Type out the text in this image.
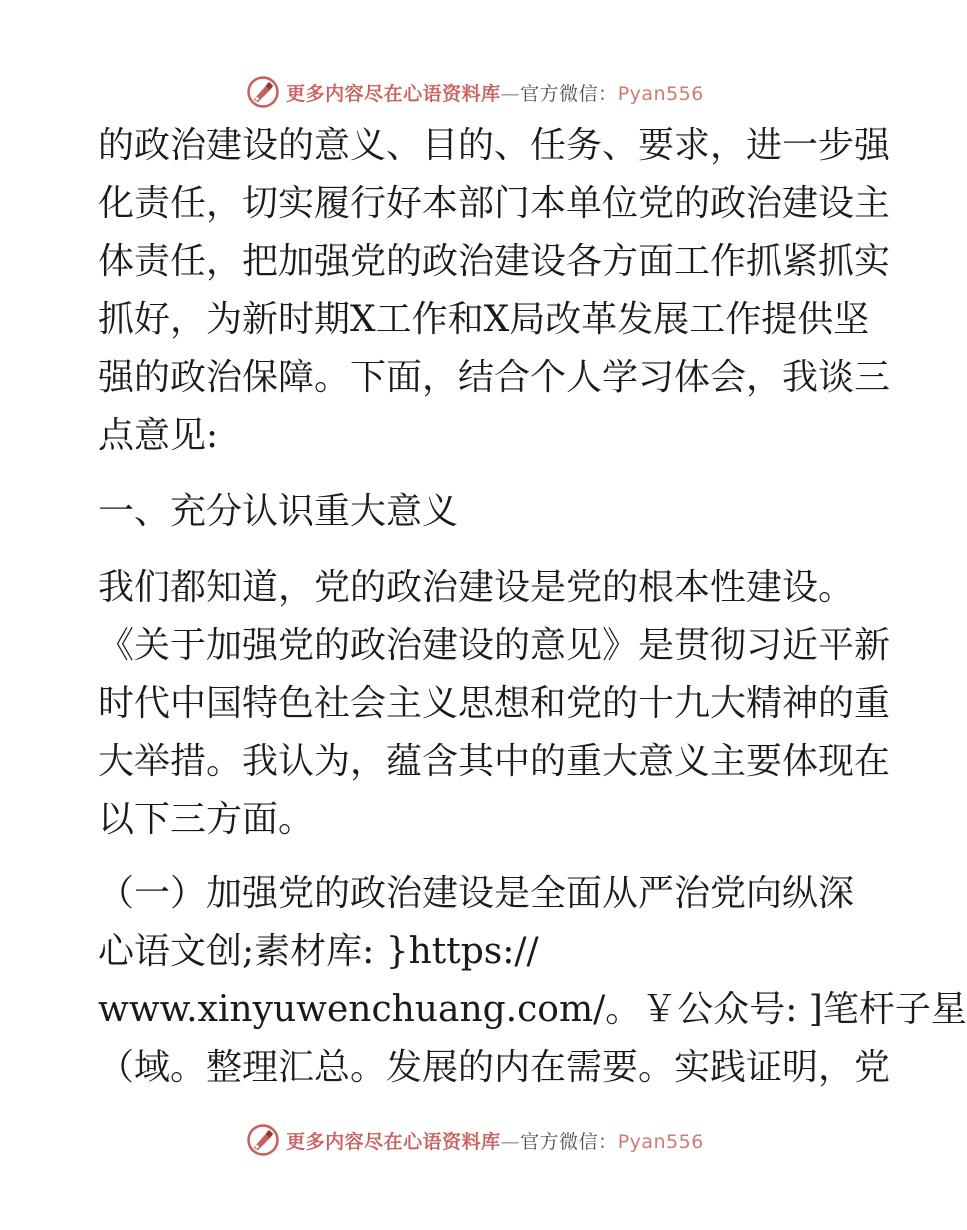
更多内容尽在心语资料库—官方微信：Pyan556
的政治建设的意义、目的、任务、要求，进一步强
化责任，切实履行好本部门本单位党的政治建设主
体责任，把加强党的政治建设各方面工作抓紧抓实
抓好，为新时期X工作和X局改革发展工作提供坚
强的政治保障。下面，结合个人学习体会，我谈三
点意见:
一、充分认识重大意义
我们都知道，党的政治建设是党的根本性建设。
《关于加强党的政治建设的意见》是贯彻习近平新
时代中国特色社会主义思想和党的十九大精神的重
大举措。我认为，蕴含其中的重大意义主要体现在
以下三方面。
（一）加强党的政治建设是全面从严治党向纵深
心语文创;素材库: }https://
www.xinyuwenchuang.com/。￥公众号: ]笔杆子星
（域。整理汇总。发展的内在需要。实践证明，党
更多内容尽在心语资料库—官方微信：Pyan556
